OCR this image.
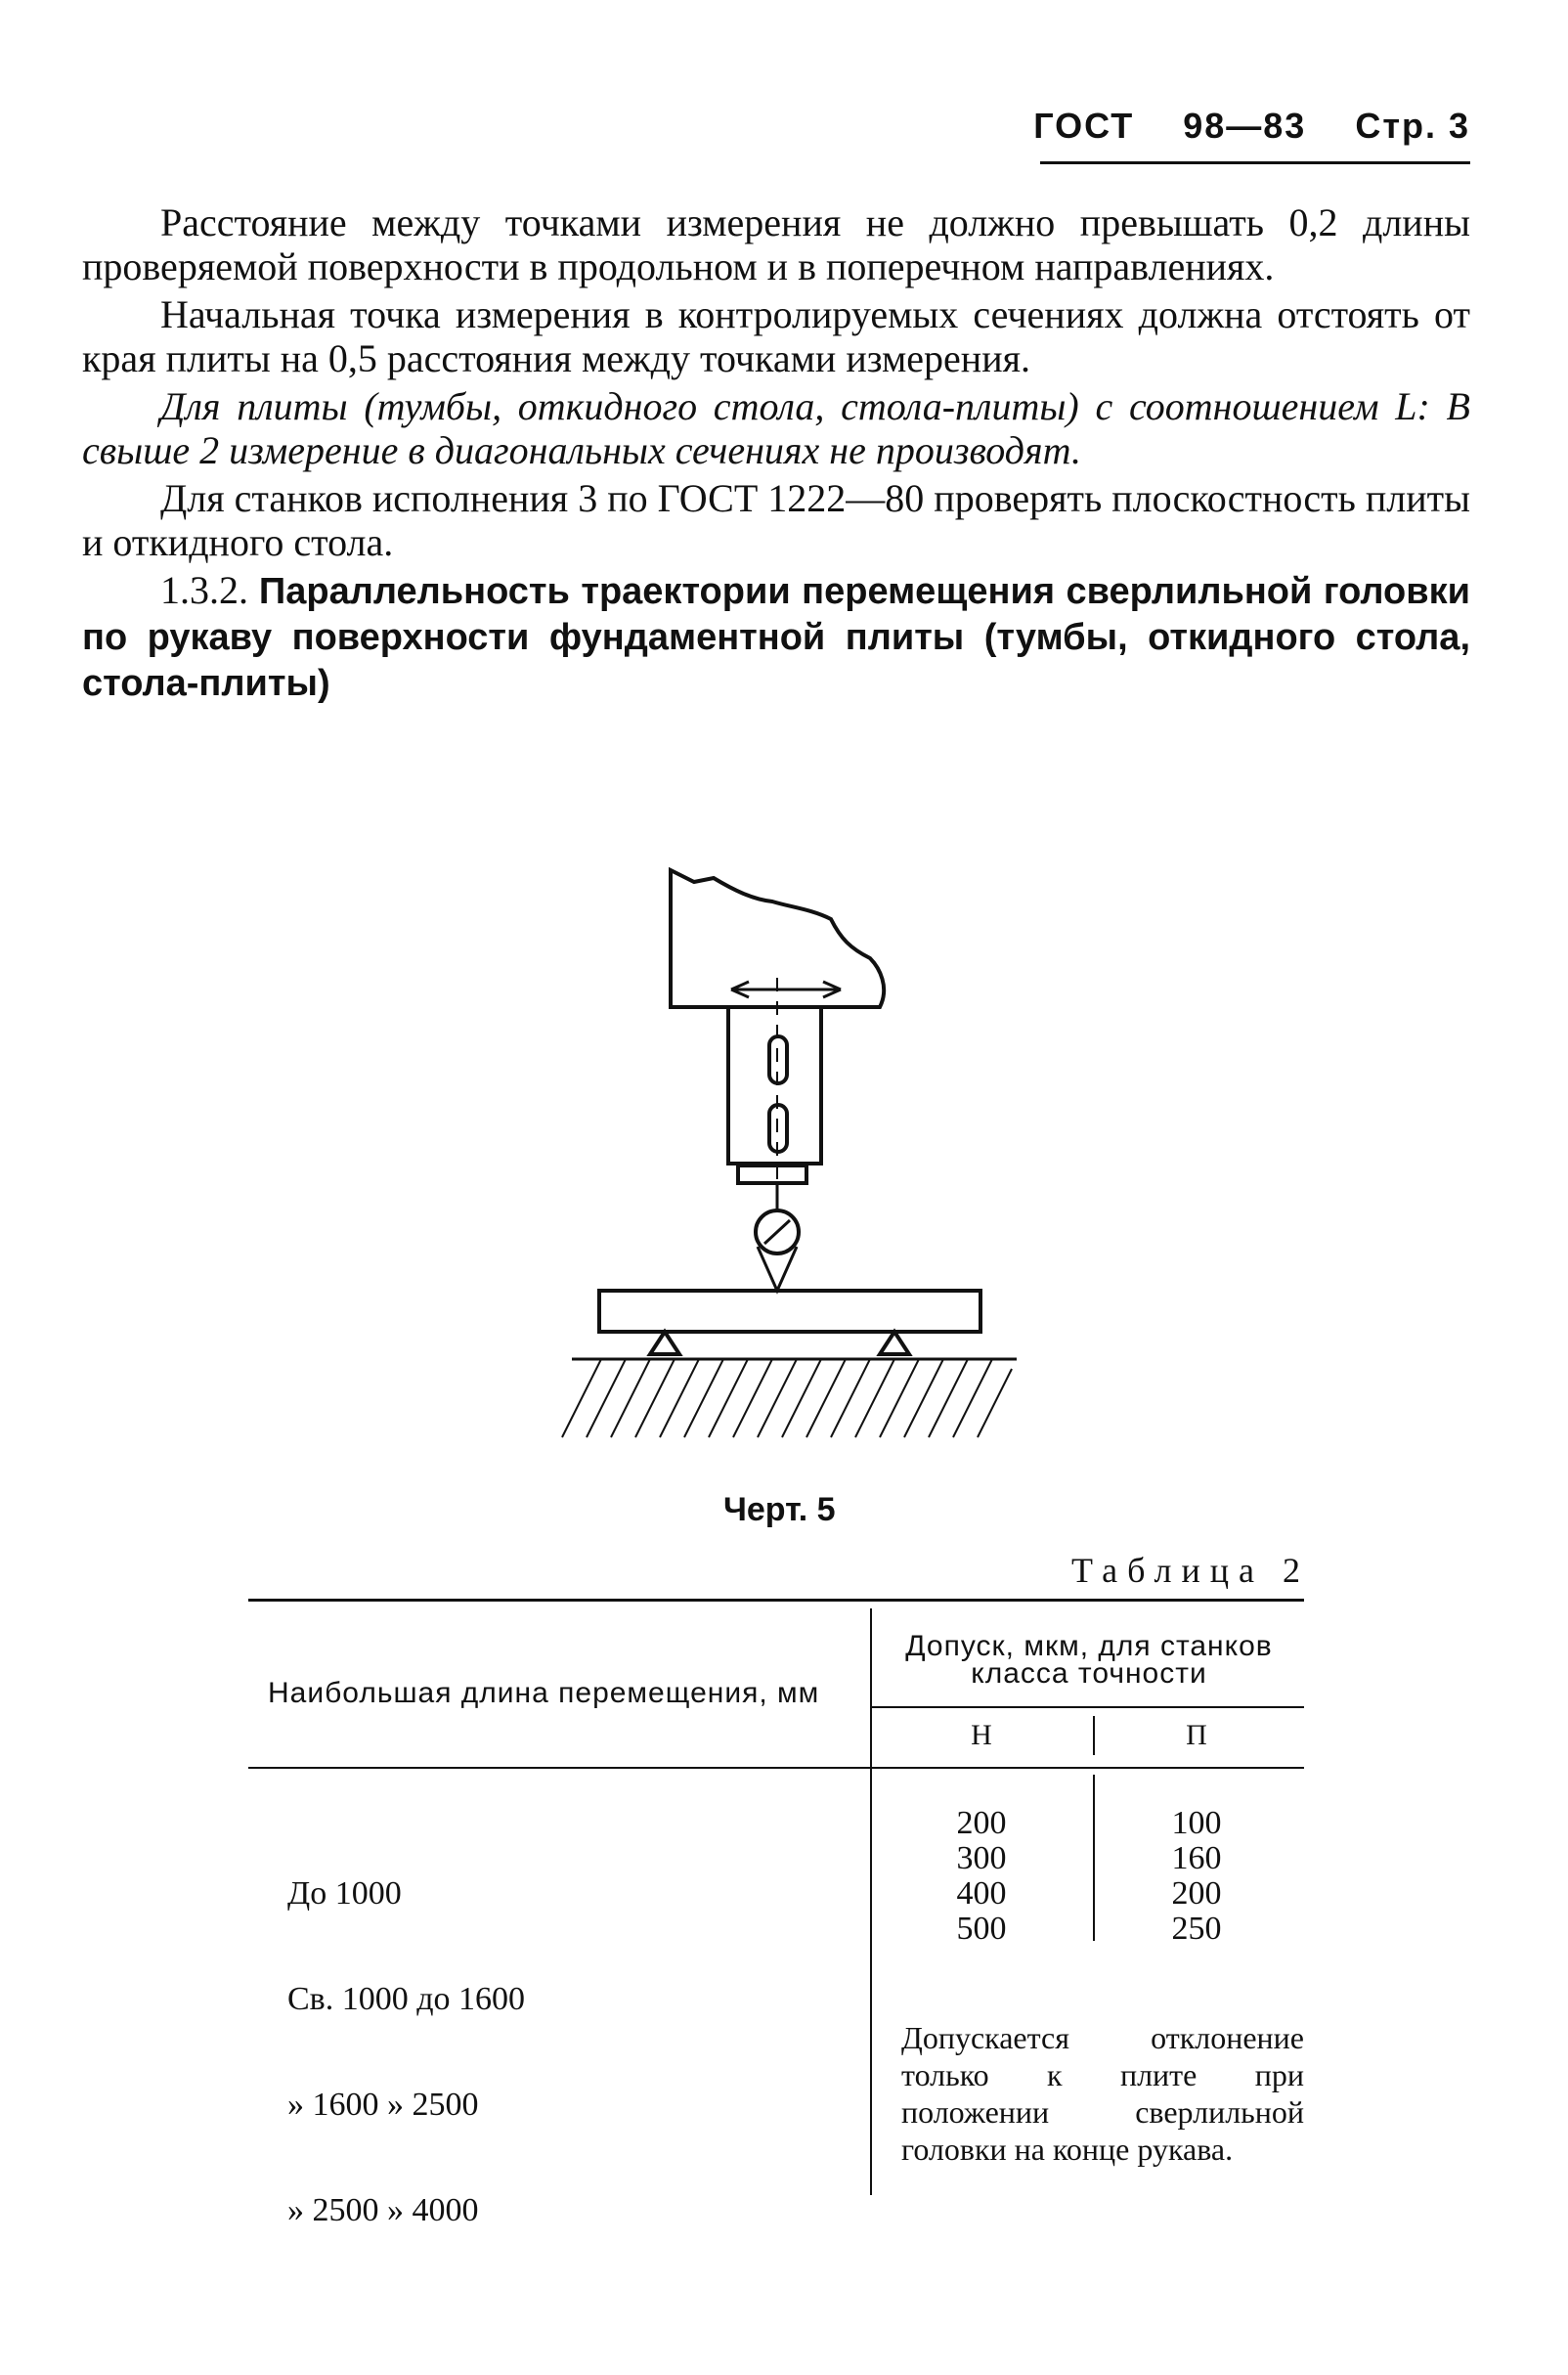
ГОСТ 98—83 Стр. 3

Расстояние между точками измерения не должно превышать 0,2 длины проверяемой поверхности в продольном и в поперечном направлениях.

Начальная точка измерения в контролируемых сечениях должна отстоять от края плиты на 0,5 расстояния между точками измерения.

Для плиты (тумбы, откидного стола, стола-плиты) с соотношением L: B свыше 2 измерение в диагональных сечениях не производят.

Для станков исполнения 3 по ГОСТ 1222—80 проверять плоскостность плиты и откидного стола.

1.3.2. Параллельность траектории перемещения сверлильной головки по рукаву поверхности фундаментной плиты (тумбы, откидного стола, стола-плиты)

Черт. 5
Таблица 2
Наибольшая длина перемещения, мм
Допуск, мкм, для станков класса точности
Н	П

До 1000

Св. 1000 до 1600

» 1600 » 2500

» 2500 » 4000

200
300
400
500
100
160
200
250
Допускается отклонение только к плите при положении сверлильной головки на конце рукава.
